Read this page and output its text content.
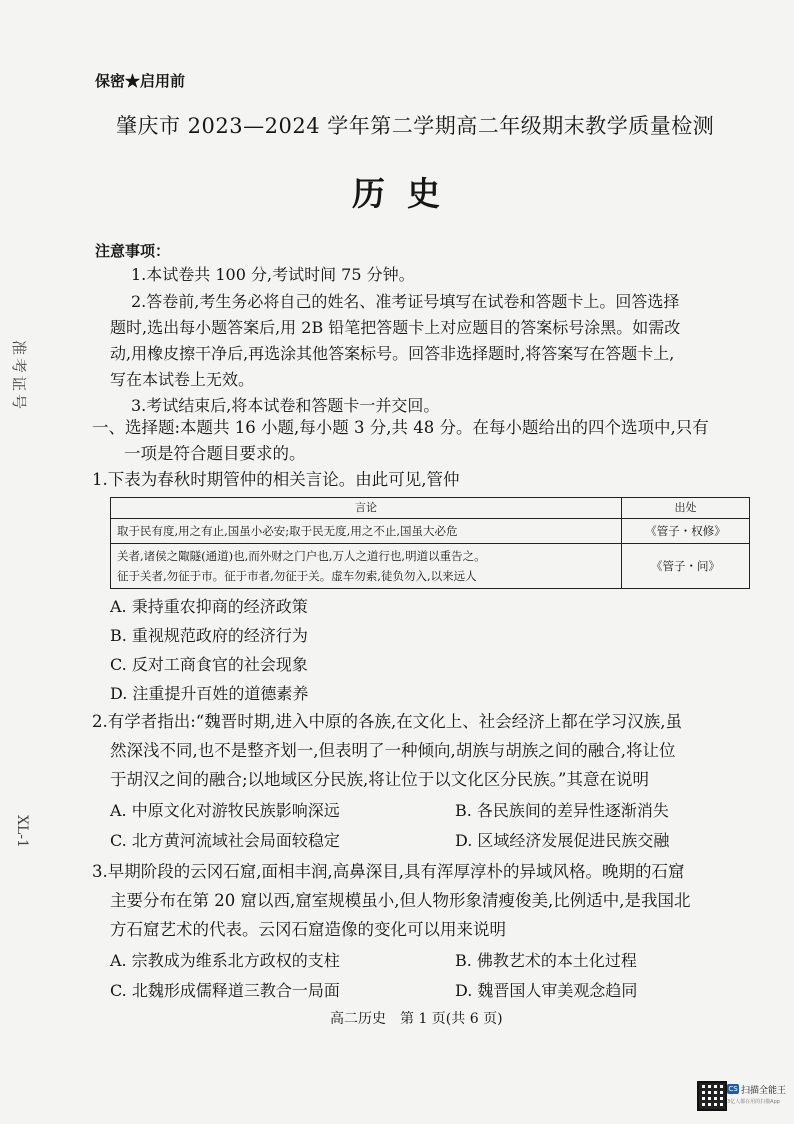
保密★启用前
肇庆市 2023—2024 学年第二学期高二年级期末教学质量检测
历史
准考证号
XL-1
注意事项：
1.本试卷共 100 分,考试时间 75 分钟。
2.答卷前,考生务必将自己的姓名、准考证号填写在试卷和答题卡上。回答选择
题时,选出每小题答案后,用 2B 铅笔把答题卡上对应题目的答案标号涂黑。如需改
动,用橡皮擦干净后,再选涂其他答案标号。回答非选择题时,将答案写在答题卡上,
写在本试卷上无效。
3.考试结束后,将本试卷和答题卡一并交回。
一、选择题:本题共 16 小题,每小题 3 分,共 48 分。在每小题给出的四个选项中,只有
一项是符合题目要求的。
1.下表为春秋时期管仲的相关言论。由此可见,管仲
言论	出处
取于民有度,用之有止,国虽小必安;取于民无度,用之不止,国虽大必危	《管子・权修》

关者,诸侯之陬隧(通道)也,而外财之门户也,万人之道行也,明道以重告之。
征于关者,勿征于市。征于市者,勿征于关。虚车勿索,徒负勿入,以来远人	《管子・问》
A. 秉持重农抑商的经济政策
B. 重视规范政府的经济行为
C. 反对工商食官的社会现象
D. 注重提升百姓的道德素养
2.有学者指出:“魏晋时期,进入中原的各族,在文化上、社会经济上都在学习汉族,虽
然深浅不同,也不是整齐划一,但表明了一种倾向,胡族与胡族之间的融合,将让位
于胡汉之间的融合;以地域区分民族,将让位于以文化区分民族。”其意在说明
A. 中原文化对游牧民族影响深远	B. 各民族间的差异性逐渐消失
C. 北方黄河流域社会局面较稳定	D. 区域经济发展促进民族交融
3.早期阶段的云冈石窟,面相丰润,高鼻深目,具有浑厚淳朴的异域风格。晚期的石窟
主要分布在第 20 窟以西,窟室规模虽小,但人物形象清瘦俊美,比例适中,是我国北
方石窟艺术的代表。云冈石窟造像的变化可以用来说明
A. 宗教成为维系北方政权的支柱	B. 佛教艺术的本土化过程
C. 北魏形成儒释道三教合一局面	D. 魏晋国人审美观念趋同
高二历史　第 1 页(共 6 页)
CS 扫描全能王
3亿人都在用的扫描App
